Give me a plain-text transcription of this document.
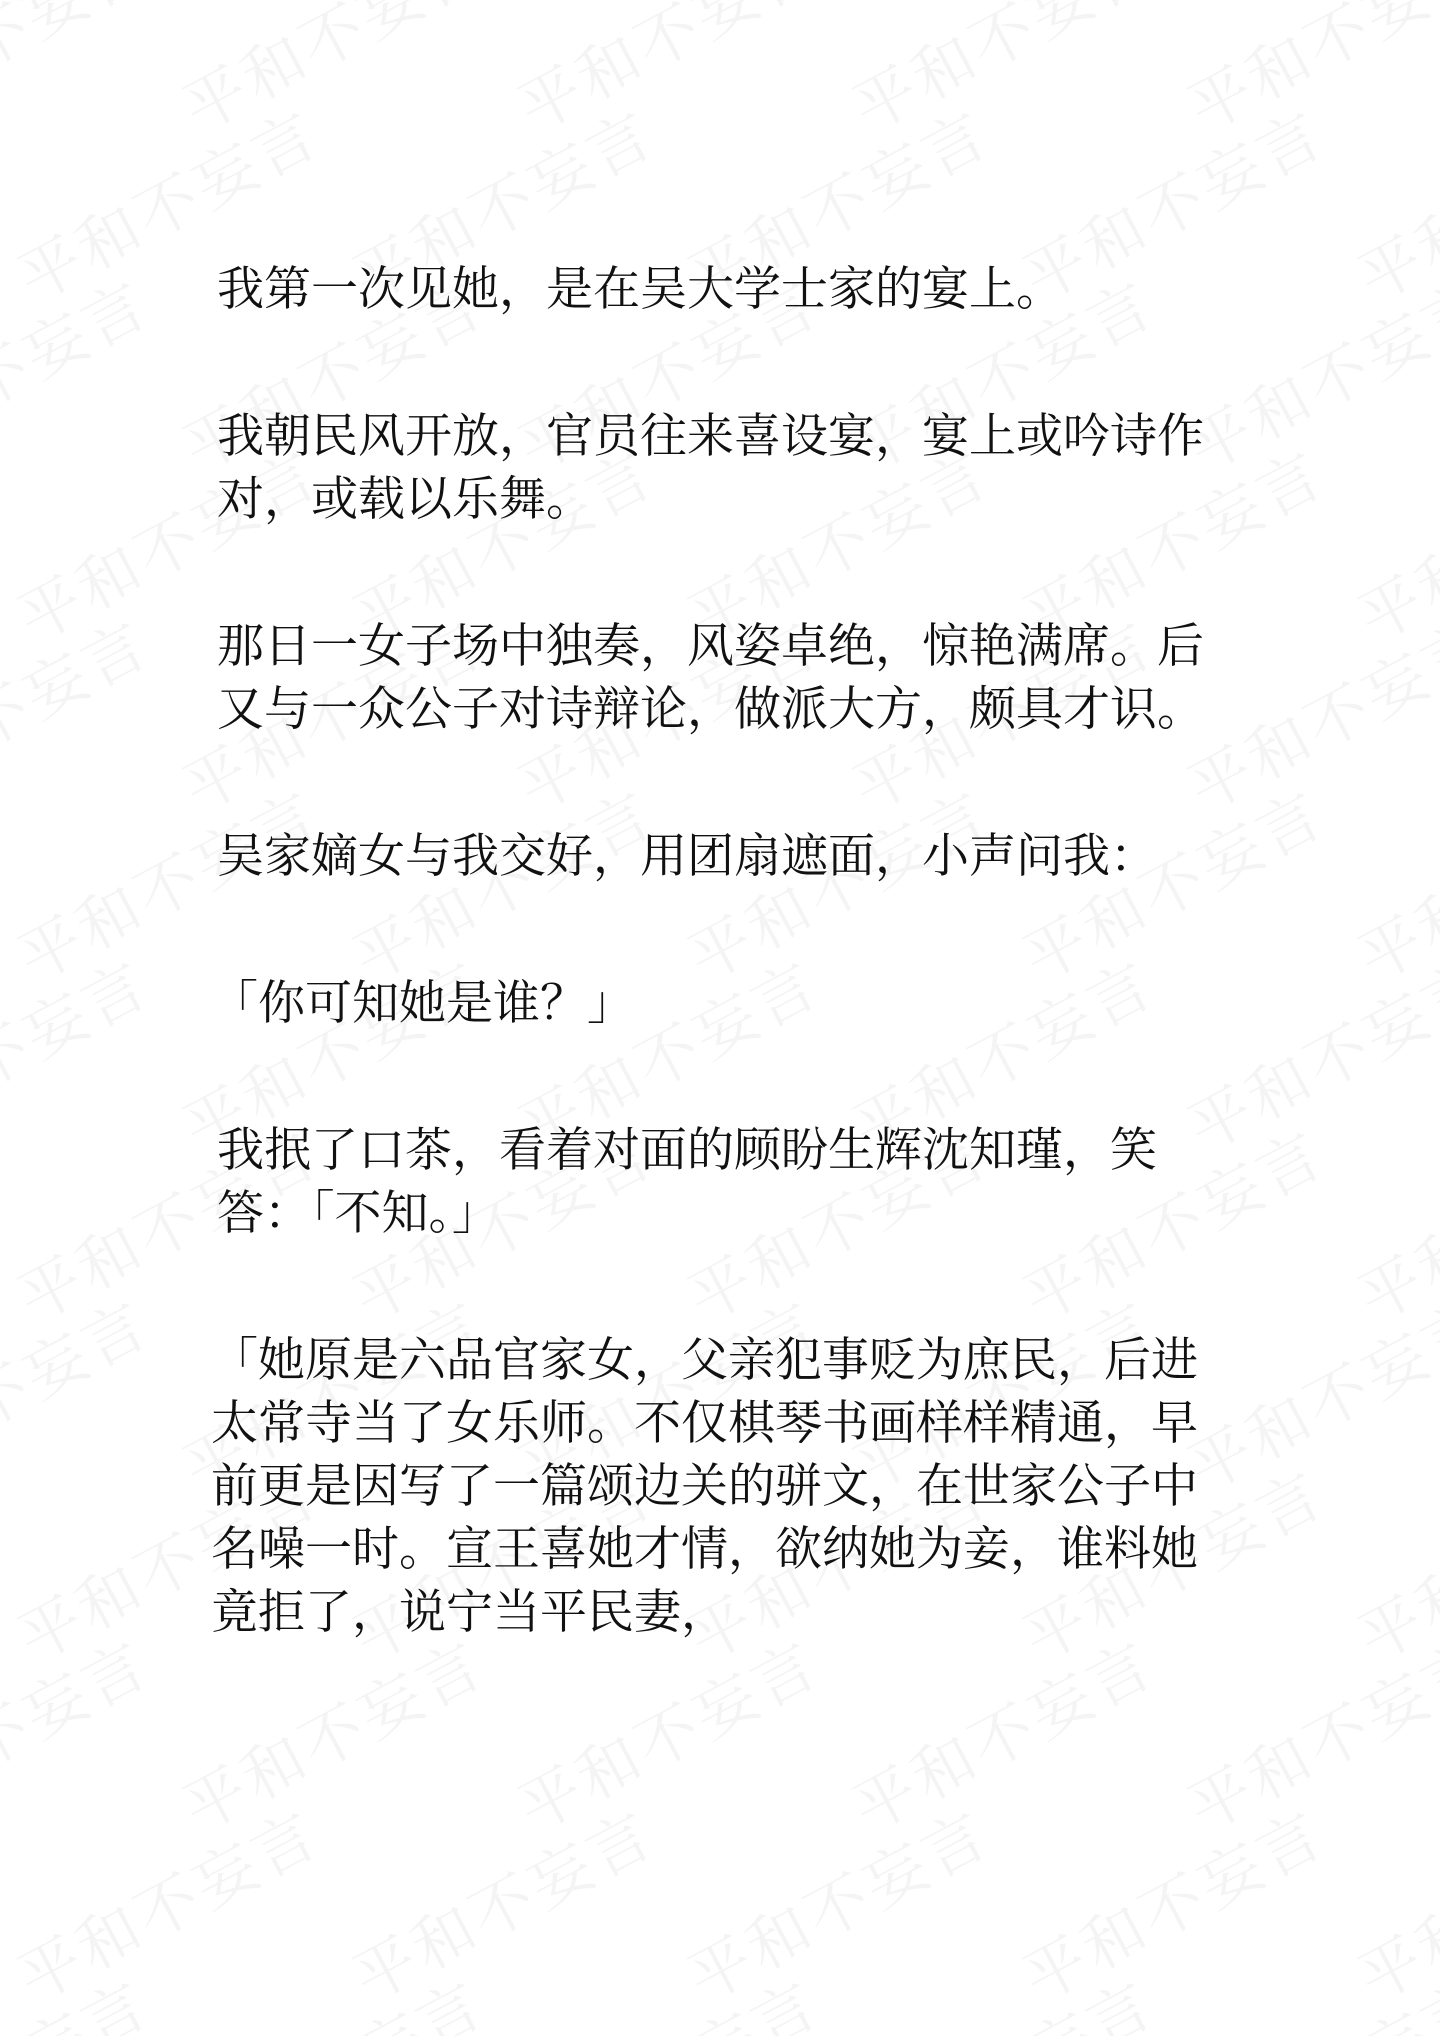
我第一次见她，是在吴大学士家的宴上。

我朝民风开放，官员往来喜设宴，宴上或吟诗作对，或载以乐舞。

那日一女子场中独奏，风姿卓绝，惊艳满席。后又与一众公子对诗辩论，做派大方，颇具才识。

吴家嫡女与我交好，用团扇遮面，小声问我：

「你可知她是谁？」

我抿了口茶，看着对面的顾盼生辉沈知瑾，笑答：「不知。」

「她原是六品官家女，父亲犯事贬为庶民，后进太常寺当了女乐师。不仅棋琴书画样样精通，早前更是因写了一篇颂边关的骈文，在世家公子中名噪一时。宣王喜她才情，欲纳她为妾，谁料她竟拒了，说宁当平民妻，
